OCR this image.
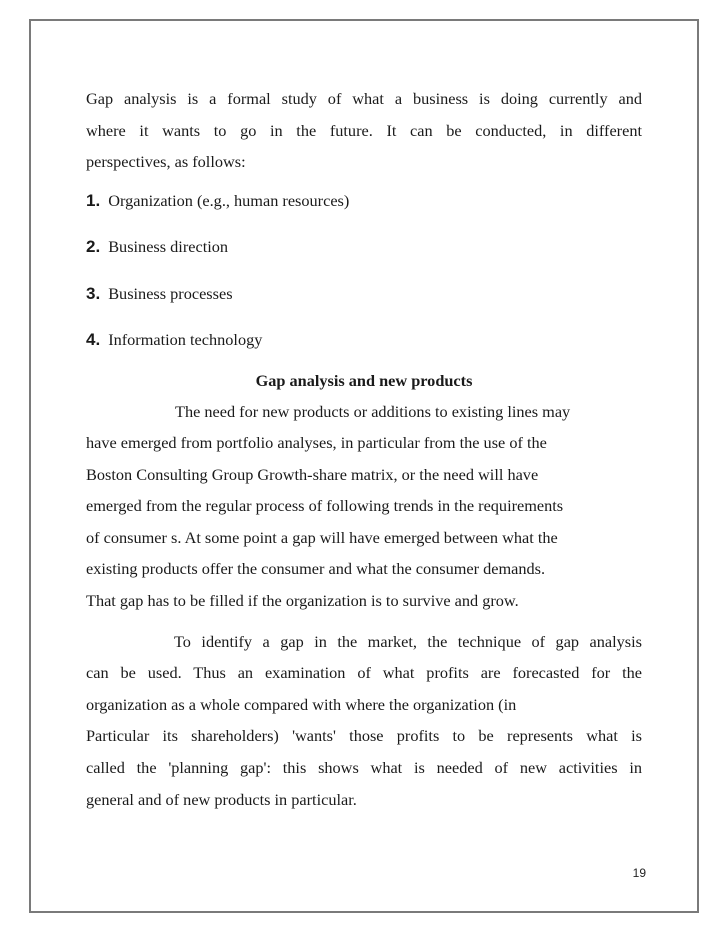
Gap analysis is a formal study of what a business is doing currently and
where it wants to go in the future. It can be conducted, in different
perspectives, as follows:

1. Organization (e.g., human resources)
2. Business direction
3. Business processes
4. Information technology
Gap analysis and new products

The need for new products or additions to existing lines may
have emerged from portfolio analyses, in particular from the use of the
Boston Consulting Group Growth-share matrix, or the need will have
emerged from the regular process of following trends in the requirements
of consumer s. At some point a gap will have emerged between what the
existing products offer the consumer and what the consumer demands.
That gap has to be filled if the organization is to survive and grow.

To identify a gap in the market, the technique of gap analysis
can be used. Thus an examination of what profits are forecasted for the
organization as a whole compared with where the organization (in
Particular its shareholders) 'wants' those profits to be represents what is
called the 'planning gap': this shows what is needed of new activities in
general and of new products in particular.

19
